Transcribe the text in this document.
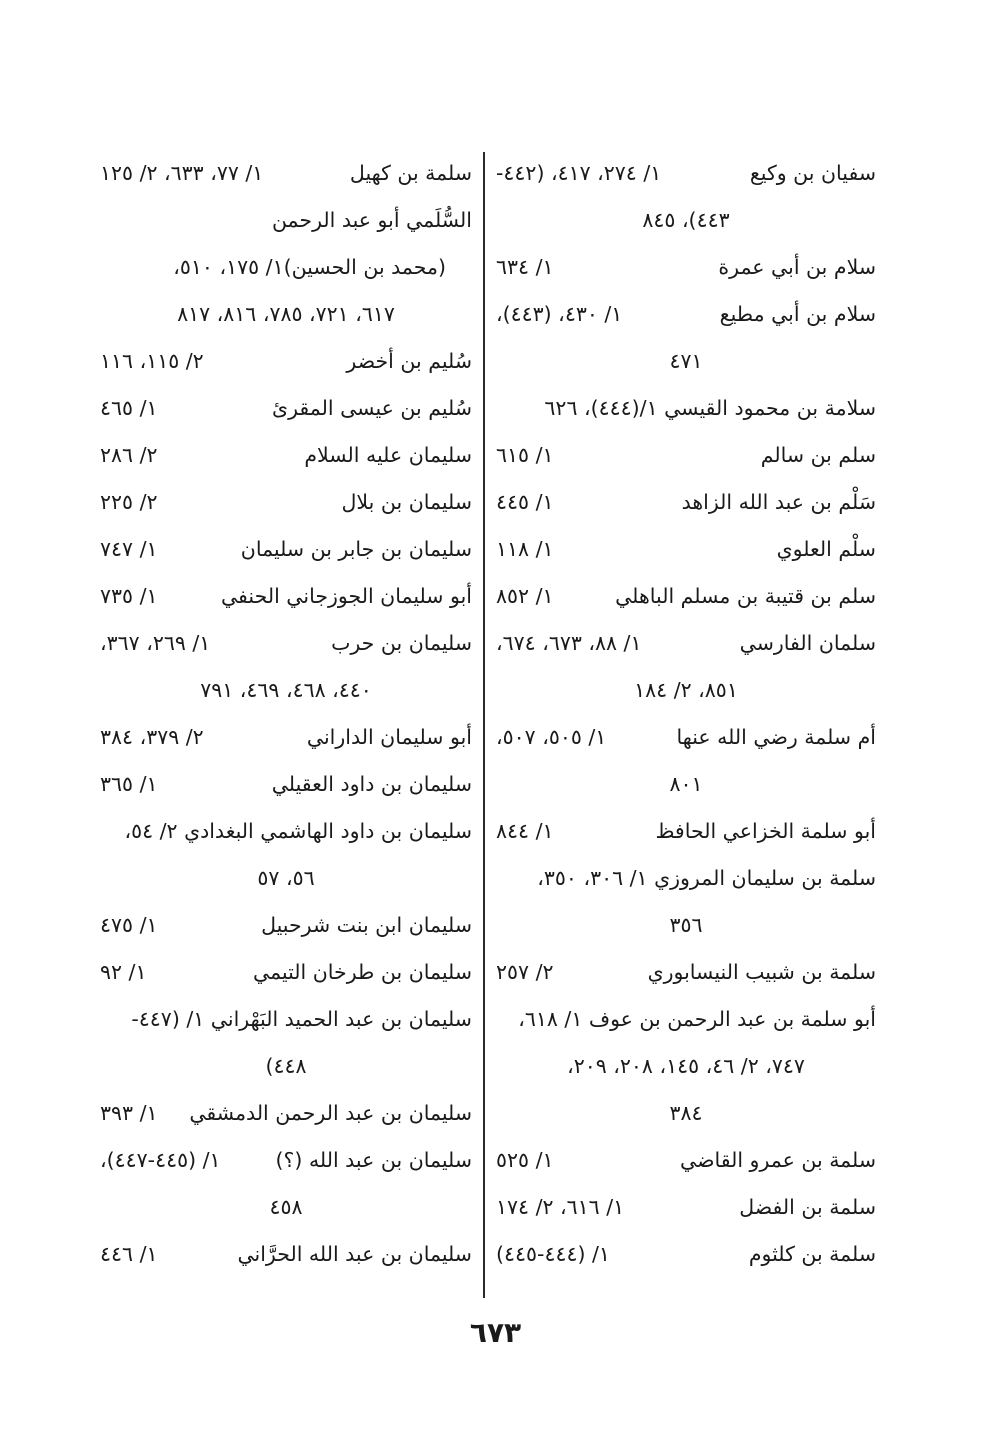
سفيان بن وكيع
١/ ٢٧٤، ٤١٧، (٤٤٢-
٤٤٣)، ٨٤٥
سلام بن أبي عمرة
١/ ٦٣٤
سلام بن أبي مطيع
١/ ٤٣٠، (٤٤٣)،
٤٧١
سلامة بن محمود القيسي ١/(٤٤٤)، ٦٢٦
سلم بن سالم
١/ ٦١٥
سَلْم بن عبد الله الزاهد
١/ ٤٤٥
سلْم العلوي
١/ ١١٨
سلم بن قتيبة بن مسلم الباهلي
١/ ٨٥٢
سلمان الفارسي
١/ ٨٨، ٦٧٣، ٦٧٤،
٨٥١، ٢/ ١٨٤
أم سلمة رضي الله عنها
١/ ٥٠٥، ٥٠٧،
٨٠١
أبو سلمة الخزاعي الحافظ
١/ ٨٤٤
سلمة بن سليمان المروزي ١/ ٣٠٦، ٣٥٠،
٣٥٦
سلمة بن شبيب النيسابوري
٢/ ٢٥٧
أبو سلمة بن عبد الرحمن بن عوف ١/ ٦١٨،
٧٤٧، ٢/ ٤٦، ١٤٥، ٢٠٨، ٢٠٩،
٣٨٤
سلمة بن عمرو القاضي
١/ ٥٢٥
سلمة بن الفضل
١/ ٦١٦، ٢/ ١٧٤
سلمة بن كلثوم
١/ (٤٤٤-٤٤٥)
سلمة بن كهيل
١/ ٧٧، ٦٣٣، ٢/ ١٢٥
السُّلَمي أبو عبد الرحمن
(محمد بن الحسين)١/ ١٧٥، ٥١٠،
٦١٧، ٧٢١، ٧٨٥، ٨١٦، ٨١٧
سُليم بن أخضر
٢/ ١١٥، ١١٦
سُليم بن عيسى المقرئ
١/ ٤٦٥
سليمان عليه السلام
٢/ ٢٨٦
سليمان بن بلال
٢/ ٢٢٥
سليمان بن جابر بن سليمان
١/ ٧٤٧
أبو سليمان الجوزجاني الحنفي
١/ ٧٣٥
سليمان بن حرب
١/ ٢٦٩، ٣٦٧،
٤٤٠، ٤٦٨، ٤٦٩، ٧٩١
أبو سليمان الداراني
٢/ ٣٧٩، ٣٨٤
سليمان بن داود العقيلي
١/ ٣٦٥
سليمان بن داود الهاشمي البغدادي ٢/ ٥٤،
٥٦، ٥٧
سليمان ابن بنت شرحبيل
١/ ٤٧٥
سليمان بن طرخان التيمي
١/ ٩٢
سليمان بن عبد الحميد البَهْراني ١/ (٤٤٧-
٤٤٨)
سليمان بن عبد الرحمن الدمشقي
١/ ٣٩٣
سليمان بن عبد الله (؟)
١/ (٤٤٥-٤٤٧)،
٤٥٨
سليمان بن عبد الله الحرَّاني
١/ ٤٤٦
٦٧٣
